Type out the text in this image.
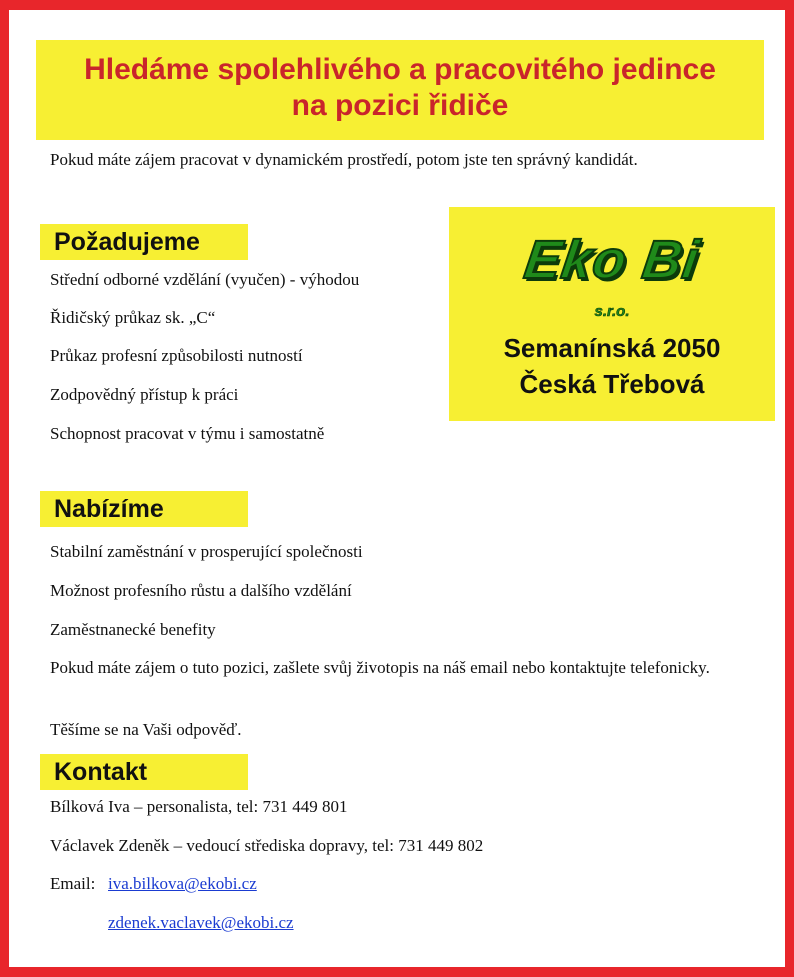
Hledáme spolehlivého a pracovitého jedince
na pozici řidiče
Pokud máte zájem pracovat v dynamickém prostředí, potom jste ten správný kandidát.
Požadujeme
Střední odborné vzdělání (vyučen) - výhodou
Řidičský průkaz sk. „C“
Průkaz profesní způsobilosti nutností
Zodpovědný přístup k práci
Schopnost pracovat v týmu i samostatně
Eko Bi
s.r.o.
Semanínská 2050
Česká Třebová
Nabízíme
Stabilní zaměstnání v prosperující společnosti
Možnost profesního růstu a dalšího vzdělání
Zaměstnanecké benefity
Pokud máte zájem o tuto pozici, zašlete svůj životopis na náš email nebo kontaktujte telefonicky.
Těšíme se na Vaši odpověď.
Kontakt
Bílková Iva – personalista, tel: 731 449 801
Václavek Zdeněk – vedoucí střediska dopravy, tel: 731 449 802
Email: iva.bilkova@ekobi.cz
zdenek.vaclavek@ekobi.cz
